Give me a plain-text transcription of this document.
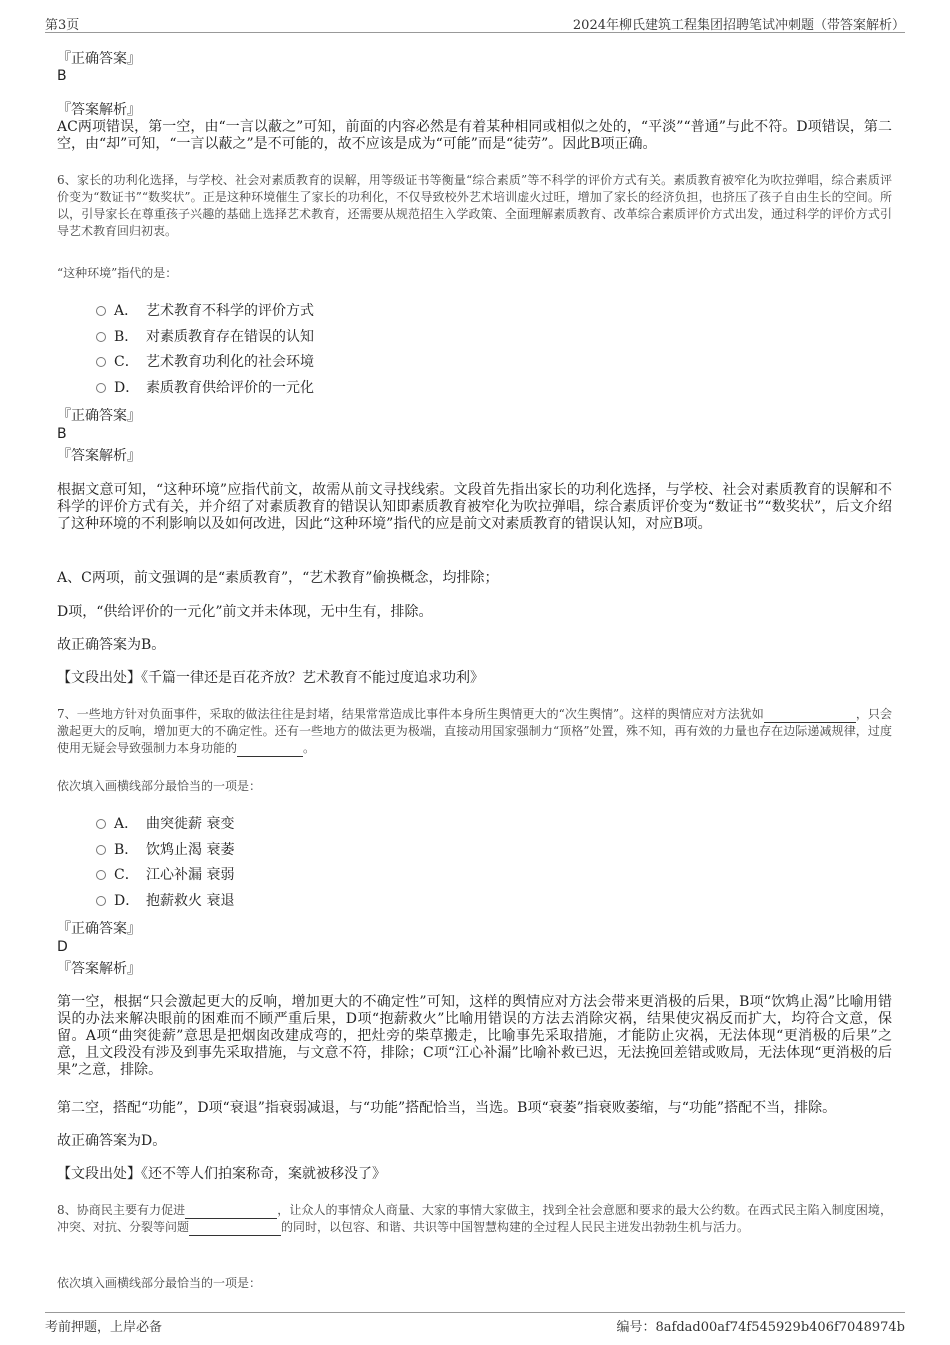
第3页	2024年柳氏建筑工程集团招聘笔试冲刺题（带答案解析）
『正确答案』
B
『答案解析』
AC两项错误，第一空，由“一言以蔽之”可知，前面的内容必然是有着某种相同或相似之处的，“平淡”“普通”与此不符。D项错误，第二空，由“却”可知，“一言以蔽之”是不可能的，故不应该是成为“可能”而是“徒劳”。因此B项正确。
6、家长的功利化选择，与学校、社会对素质教育的误解，用等级证书等衡量“综合素质”等不科学的评价方式有关。素质教育被窄化为吹拉弹唱，综合素质评价变为“数证书”“数奖状”。正是这种环境催生了家长的功利化，不仅导致校外艺术培训虚火过旺，增加了家长的经济负担，也挤压了孩子自由生长的空间。所以，引导家长在尊重孩子兴趣的基础上选择艺术教育，还需要从规范招生入学政策、全面理解素质教育、改革综合素质评价方式出发，通过科学的评价方式引导艺术教育回归初衷。
“这种环境”指代的是：
A． 艺术教育不科学的评价方式
B． 对素质教育存在错误的认知
C． 艺术教育功利化的社会环境
D． 素质教育供给评价的一元化
『正确答案』
B
『答案解析』
根据文意可知，“这种环境”应指代前文，故需从前文寻找线索。文段首先指出家长的功利化选择，与学校、社会对素质教育的误解和不科学的评价方式有关，并介绍了对素质教育的错误认知即素质教育被窄化为吹拉弹唱，综合素质评价变为“数证书”“数奖状”，后文介绍了这种环境的不利影响以及如何改进，因此“这种环境”指代的应是前文对素质教育的错误认知，对应B项。
A、C两项，前文强调的是“素质教育”，“艺术教育”偷换概念，均排除；
D项，“供给评价的一元化”前文并未体现，无中生有，排除。
故正确答案为B。
【文段出处】《千篇一律还是百花齐放？艺术教育不能过度追求功利》
7、一些地方针对负面事件，采取的做法往往是封堵，结果常常造成比事件本身所生舆情更大的“次生舆情”。这样的舆情应对方法犹如	，只会激起更大的反响，增加更大的不确定性。还有一些地方的做法更为极端，直接动用国家强制力“顶格”处置，殊不知，再有效的力量也存在边际递减规律，过度使用无疑会导致强制力本身功能的	。
依次填入画横线部分最恰当的一项是：
A． 曲突徙薪 衰变
B． 饮鸩止渴 衰萎
C． 江心补漏 衰弱
D． 抱薪救火 衰退
『正确答案』
D
『答案解析』
第一空，根据“只会激起更大的反响，增加更大的不确定性”可知，这样的舆情应对方法会带来更消极的后果，B项“饮鸩止渴”比喻用错误的办法来解决眼前的困难而不顾严重后果，D项“抱薪救火”比喻用错误的方法去消除灾祸，结果使灾祸反而扩大，均符合文意，保留。A项“曲突徙薪”意思是把烟囱改建成弯的，把灶旁的柴草搬走，比喻事先采取措施，才能防止灾祸，无法体现“更消极的后果”之意，且文段没有涉及到事先采取措施，与文意不符，排除；C项“江心补漏”比喻补救已迟，无法挽回差错或败局，无法体现“更消极的后果”之意，排除。
第二空，搭配“功能”，D项“衰退”指衰弱减退，与“功能”搭配恰当，当选。B项“衰萎”指衰败萎缩，与“功能”搭配不当，排除。
故正确答案为D。
【文段出处】《还不等人们拍案称奇，案就被移没了》
8、协商民主要有力促进	，让众人的事情众人商量、大家的事情大家做主，找到全社会意愿和要求的最大公约数。在西式民主陷入制度困境，冲突、对抗、分裂等问题	的同时，以包容、和谐、共识等中国智慧构建的全过程人民民主迸发出勃勃生机与活力。
依次填入画横线部分最恰当的一项是：
考前押题，上岸必备	编号：8afdad00af74f545929b406f7048974b
